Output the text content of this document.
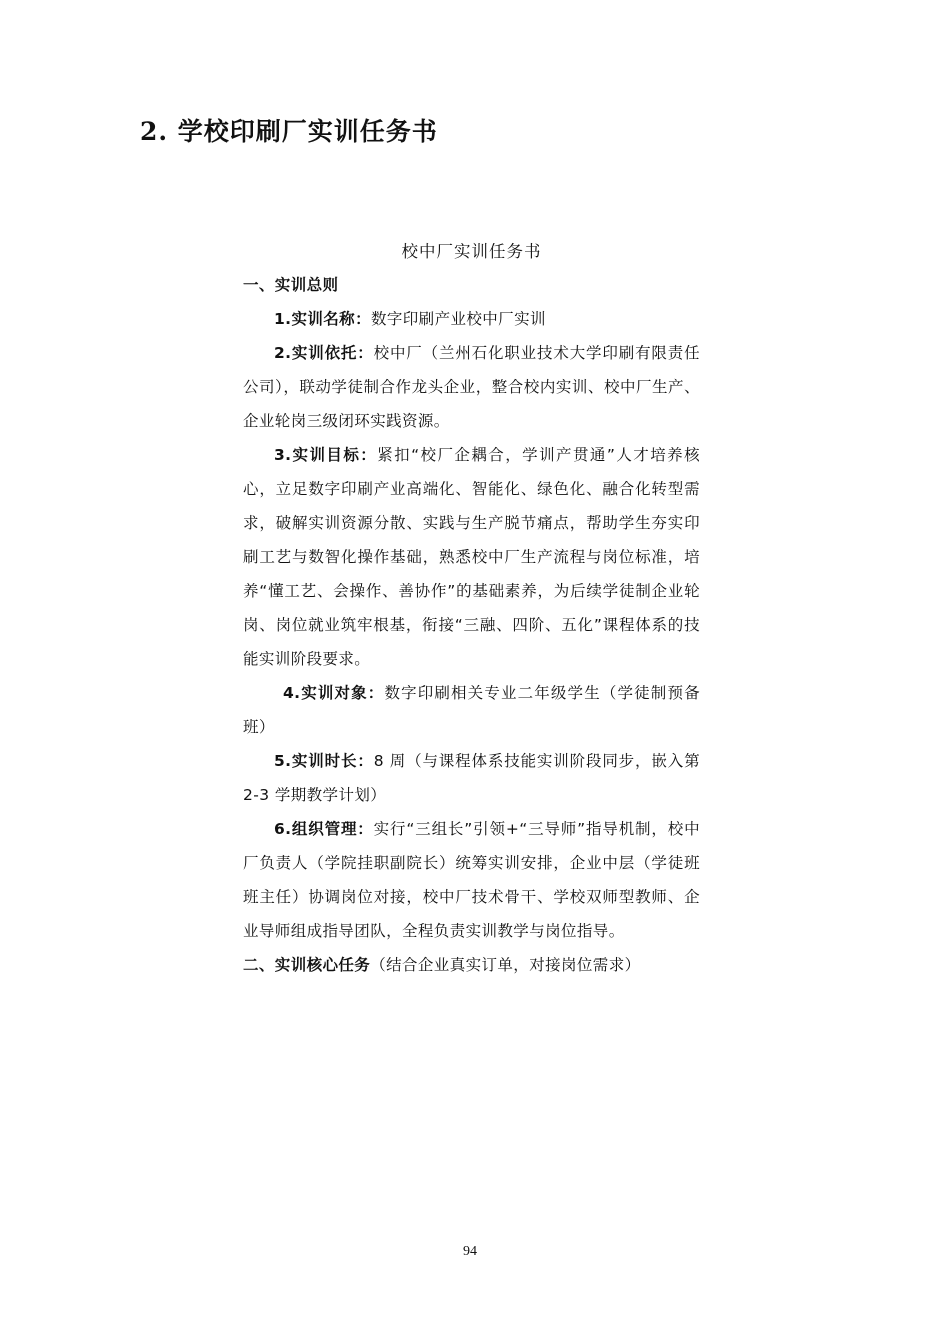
2. 学校印刷厂实训任务书
校中厂实训任务书

一、实训总则

1.实训名称：数字印刷产业校中厂实训

2.实训依托：校中厂（兰州石化职业技术大学印刷有限责任公司），联动学徒制合作龙头企业，整合校内实训、校中厂生产、企业轮岗三级闭环实践资源。

3.实训目标：紧扣“校厂企耦合，学训产贯通”人才培养核心，立足数字印刷产业高端化、智能化、绿色化、融合化转型需求，破解实训资源分散、实践与生产脱节痛点，帮助学生夯实印刷工艺与数智化操作基础，熟悉校中厂生产流程与岗位标准，培养“懂工艺、会操作、善协作”的基础素养，为后续学徒制企业轮岗、岗位就业筑牢根基，衔接“三融、四阶、五化”课程体系的技能实训阶段要求。

4.实训对象：数字印刷相关专业二年级学生（学徒制预备班）

5.实训时长：8 周（与课程体系技能实训阶段同步，嵌入第 2-3 学期教学计划）

6.组织管理：实行“三组长”引领+“三导师”指导机制，校中厂负责人（学院挂职副院长）统筹实训安排，企业中层（学徒班班主任）协调岗位对接，校中厂技术骨干、学校双师型教师、企业导师组成指导团队，全程负责实训教学与岗位指导。

二、实训核心任务（结合企业真实订单，对接岗位需求）

94
